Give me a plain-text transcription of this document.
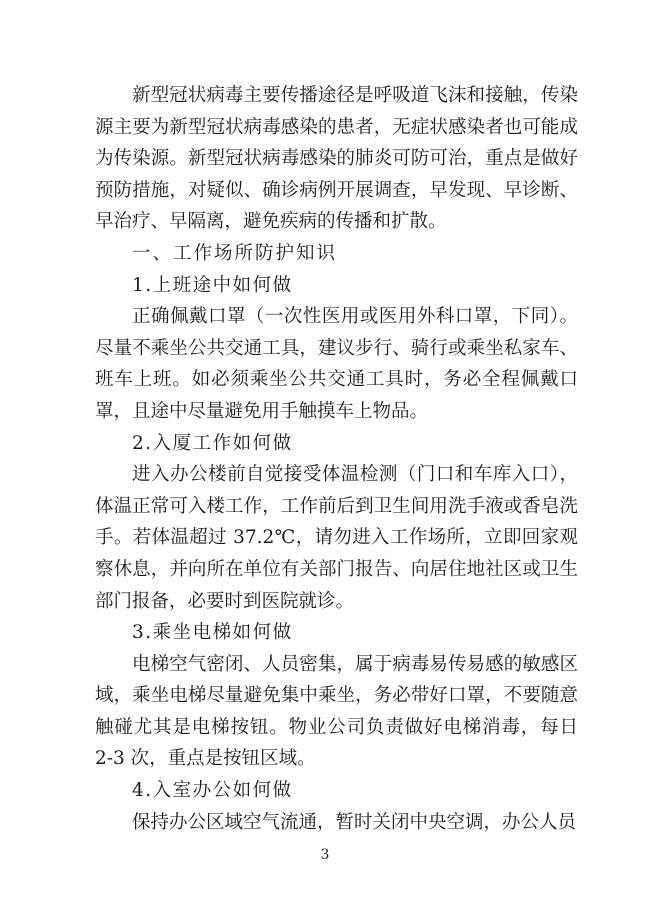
新型冠状病毒主要传播途径是呼吸道飞沫和接触，传染源主要为新型冠状病毒感染的患者，无症状感染者也可能成为传染源。新型冠状病毒感染的肺炎可防可治，重点是做好预防措施，对疑似、确诊病例开展调查，早发现、早诊断、早治疗、早隔离，避免疾病的传播和扩散。

一、工作场所防护知识
1.上班途中如何做

正确佩戴口罩（一次性医用或医用外科口罩，下同）。尽量不乘坐公共交通工具，建议步行、骑行或乘坐私家车、班车上班。如必须乘坐公共交通工具时，务必全程佩戴口罩，且途中尽量避免用手触摸车上物品。

2.入厦工作如何做

进入办公楼前自觉接受体温检测（门口和车库入口），体温正常可入楼工作，工作前后到卫生间用洗手液或香皂洗手。若体温超过 37.2℃，请勿进入工作场所，立即回家观察休息，并向所在单位有关部门报告、向居住地社区或卫生部门报备，必要时到医院就诊。

3.乘坐电梯如何做

电梯空气密闭、人员密集，属于病毒易传易感的敏感区域，乘坐电梯尽量避免集中乘坐，务必带好口罩，不要随意触碰尤其是电梯按钮。物业公司负责做好电梯消毒，每日 2-3 次，重点是按钮区域。

4.入室办公如何做

保持办公区域空气流通，暂时关闭中央空调，办公人员

3
